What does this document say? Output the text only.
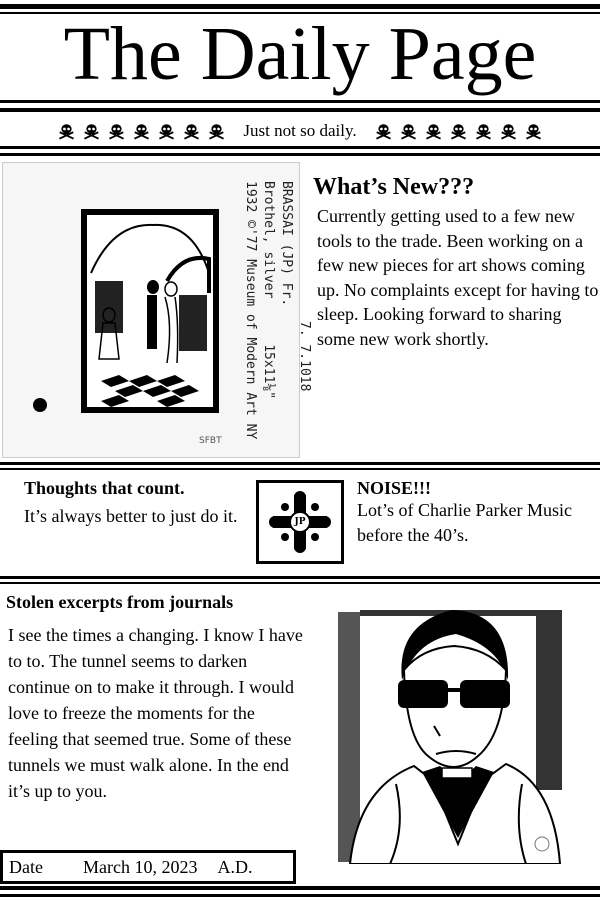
The Daily Page
Just not so daily.
SFBT
BRASSAI (JP) Fr.
Brothel, silver 15x11⅛"
1932 ©'77 Museum of Modern Art NY	7. 7.1018
What’s New???
Currently getting used to a few new tools to the trade. Been working on a few new pieces for art shows coming up. No complaints except for having to sleep. Looking forward to sharing some new work shortly.
Thoughts that count.
It’s always better to just do it.	JP
NOISE!!!
Lot’s of Charlie Parker Music before the 40’s.
Stolen excerpts from journals
I see the times a changing. I know I have to to. The tunnel seems to darken continue on to make it through. I would love to freeze the moments for the feeling that seemed true. Some of these tunnels we must walk alone. In the end it’s up to you.
Date March 10, 2023 A.D.
